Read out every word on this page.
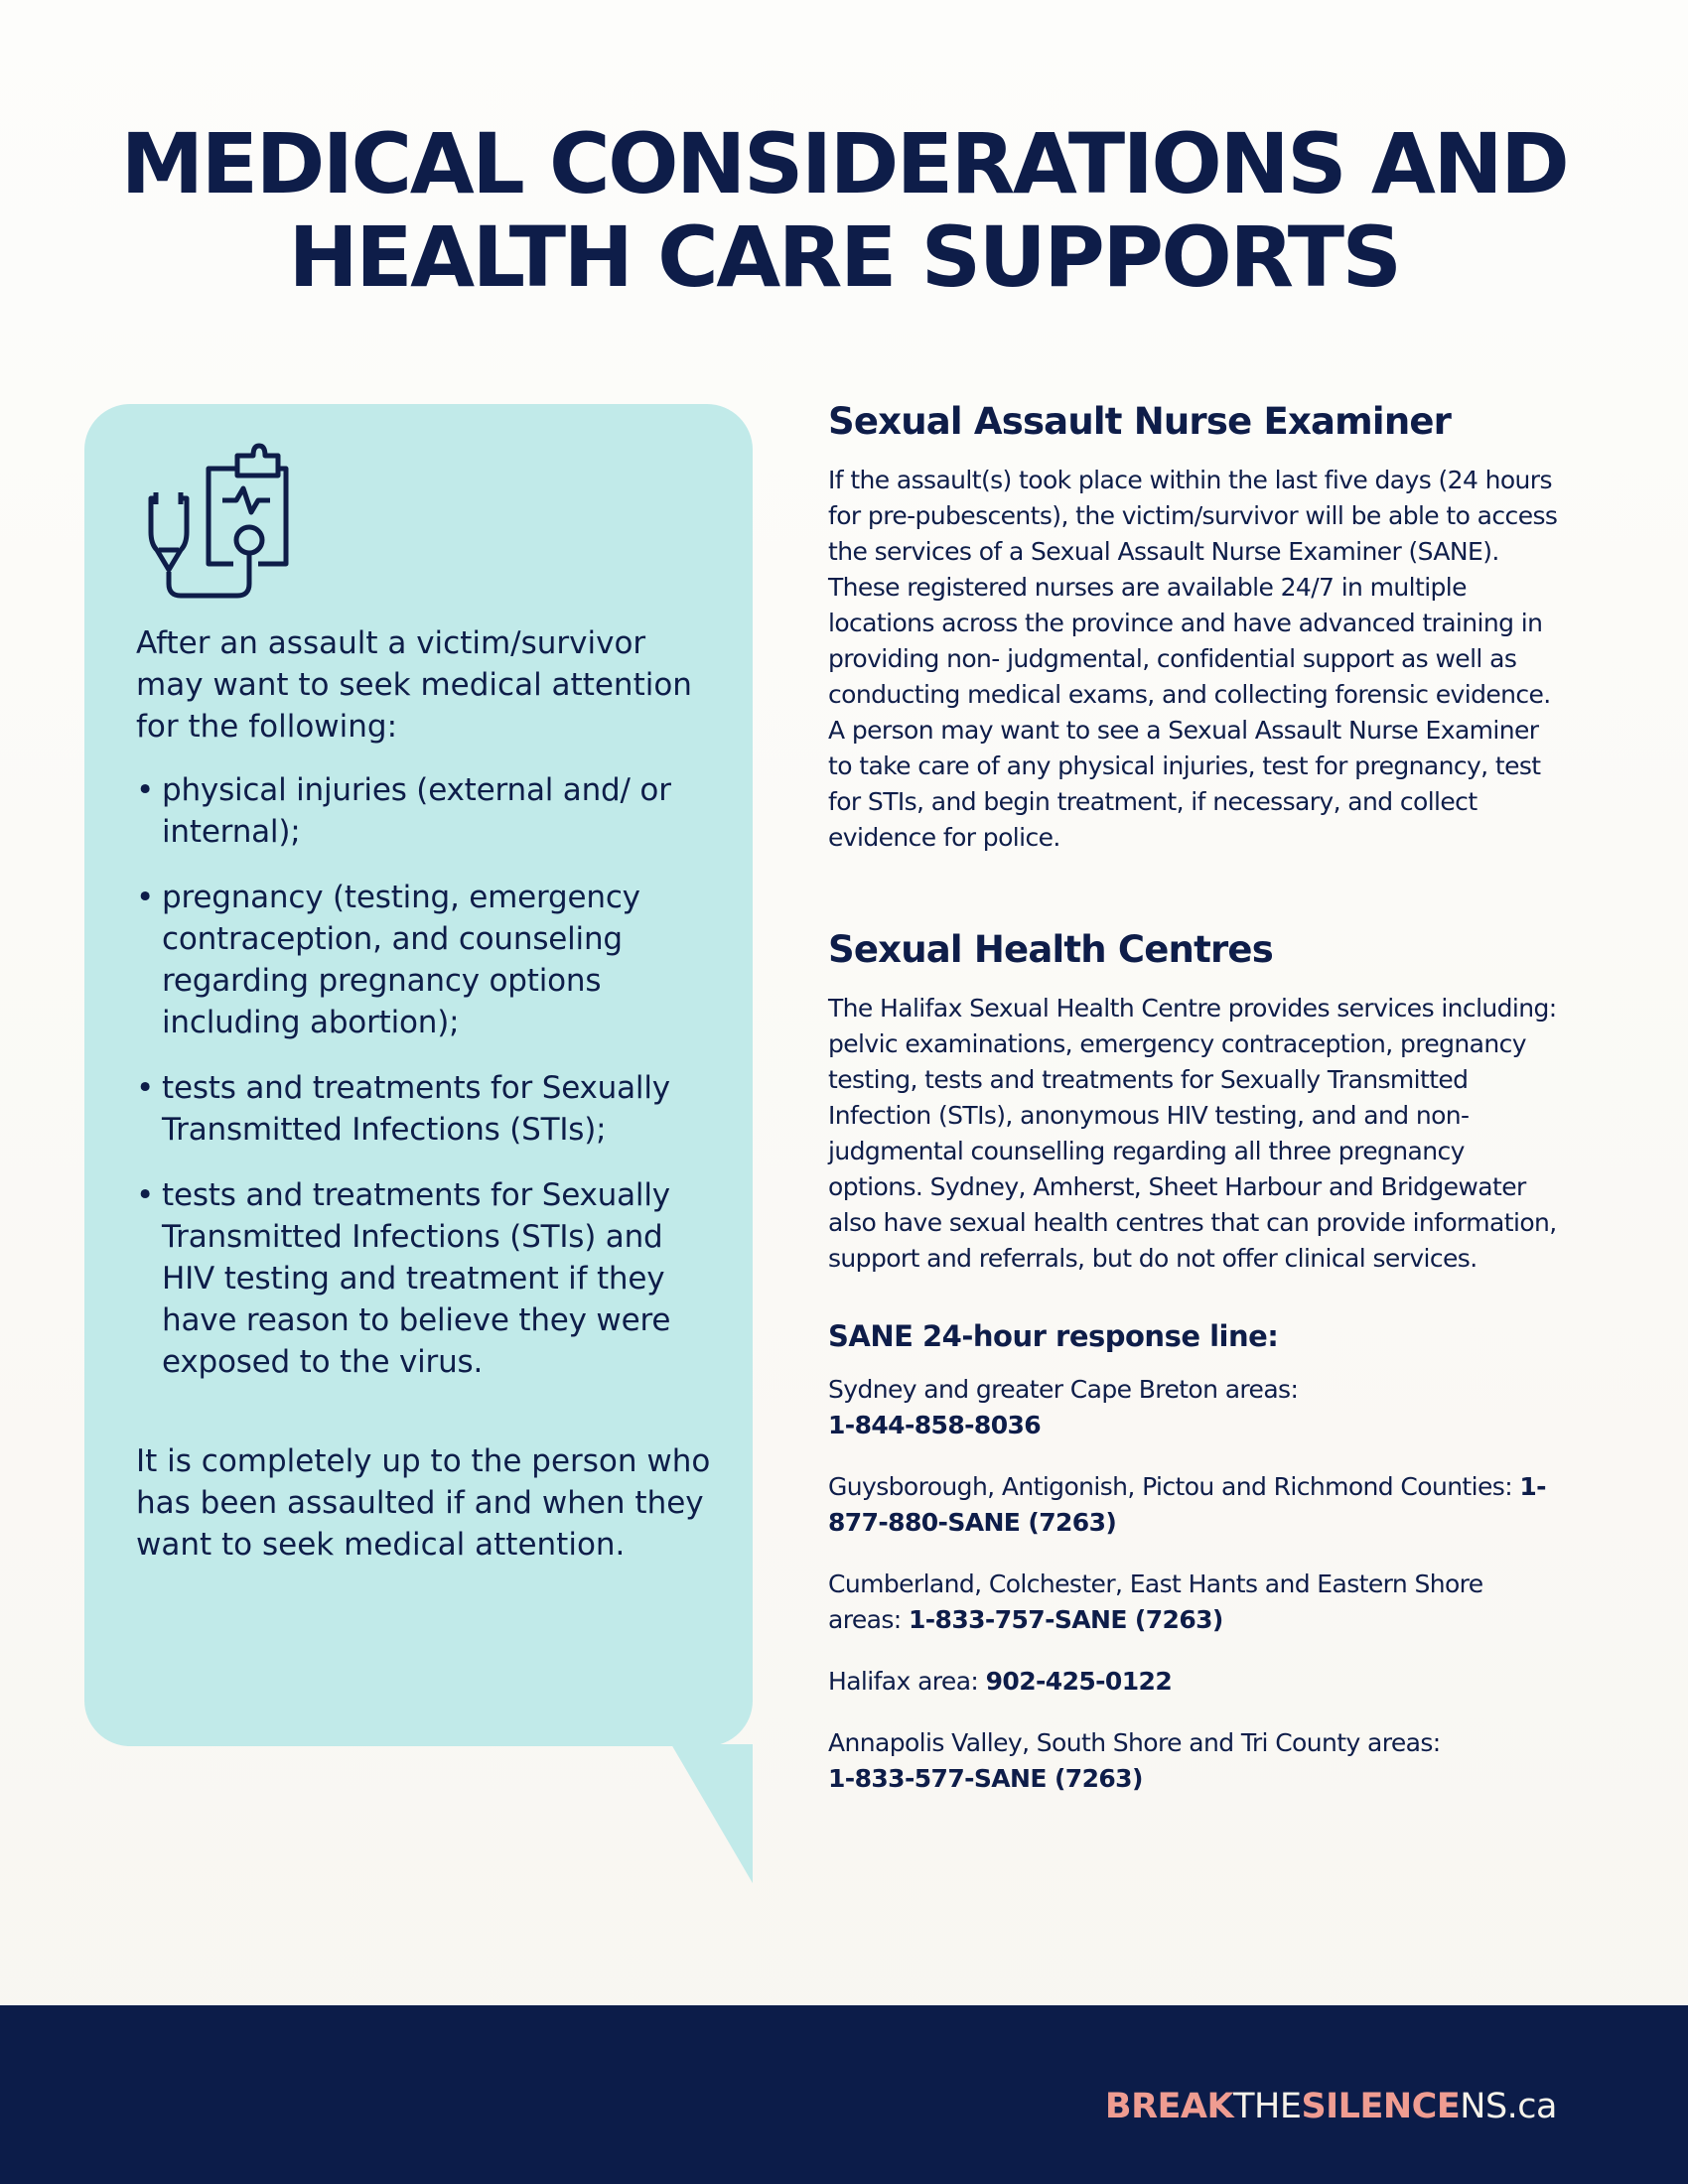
MEDICAL CONSIDERATIONS AND
HEALTH CARE SUPPORTS

After an assault a victim/survivor may want to seek medical attention for the following:

• physical injuries (external and/ or internal);
• pregnancy (testing, emergency contraception, and counseling regarding pregnancy options including abortion);
• tests and treatments for Sexually Transmitted Infections (STIs);
• tests and treatments for Sexually Transmitted Infections (STIs) and HIV testing and treatment if they have reason to believe they were exposed to the virus.

It is completely up to the person who has been assaulted if and when they want to seek medical attention.

Sexual Assault Nurse Examiner

If the assault(s) took place within the last five days (24 hours for pre-pubescents), the victim/survivor will be able to access the services of a Sexual Assault Nurse Examiner (SANE). These registered nurses are available 24/7 in multiple locations across the province and have advanced training in providing non- judgmental, confidential support as well as conducting medical exams, and collecting forensic evidence. A person may want to see a Sexual Assault Nurse Examiner to take care of any physical injuries, test for pregnancy, test for STIs, and begin treatment, if necessary, and collect evidence for police.

Sexual Health Centres

The Halifax Sexual Health Centre provides services including: pelvic examinations, emergency contraception, pregnancy testing, tests and treatments for Sexually Transmitted Infection (STIs), anonymous HIV testing, and and non-judgmental counselling regarding all three pregnancy options. Sydney, Amherst, Sheet Harbour and Bridgewater also have sexual health centres that can provide information, support and referrals, but do not offer clinical services.

SANE 24-hour response line:

Sydney and greater Cape Breton areas:
1-844-858-8036

Guysborough, Antigonish, Pictou and Richmond Counties: 1-877-880-SANE (7263)

Cumberland, Colchester, East Hants and Eastern Shore areas: 1-833-757-SANE (7263)

Halifax area: 902-425-0122

Annapolis Valley, South Shore and Tri County areas:
1-833-577-SANE (7263)

BREAKTHESILENCENS.ca
